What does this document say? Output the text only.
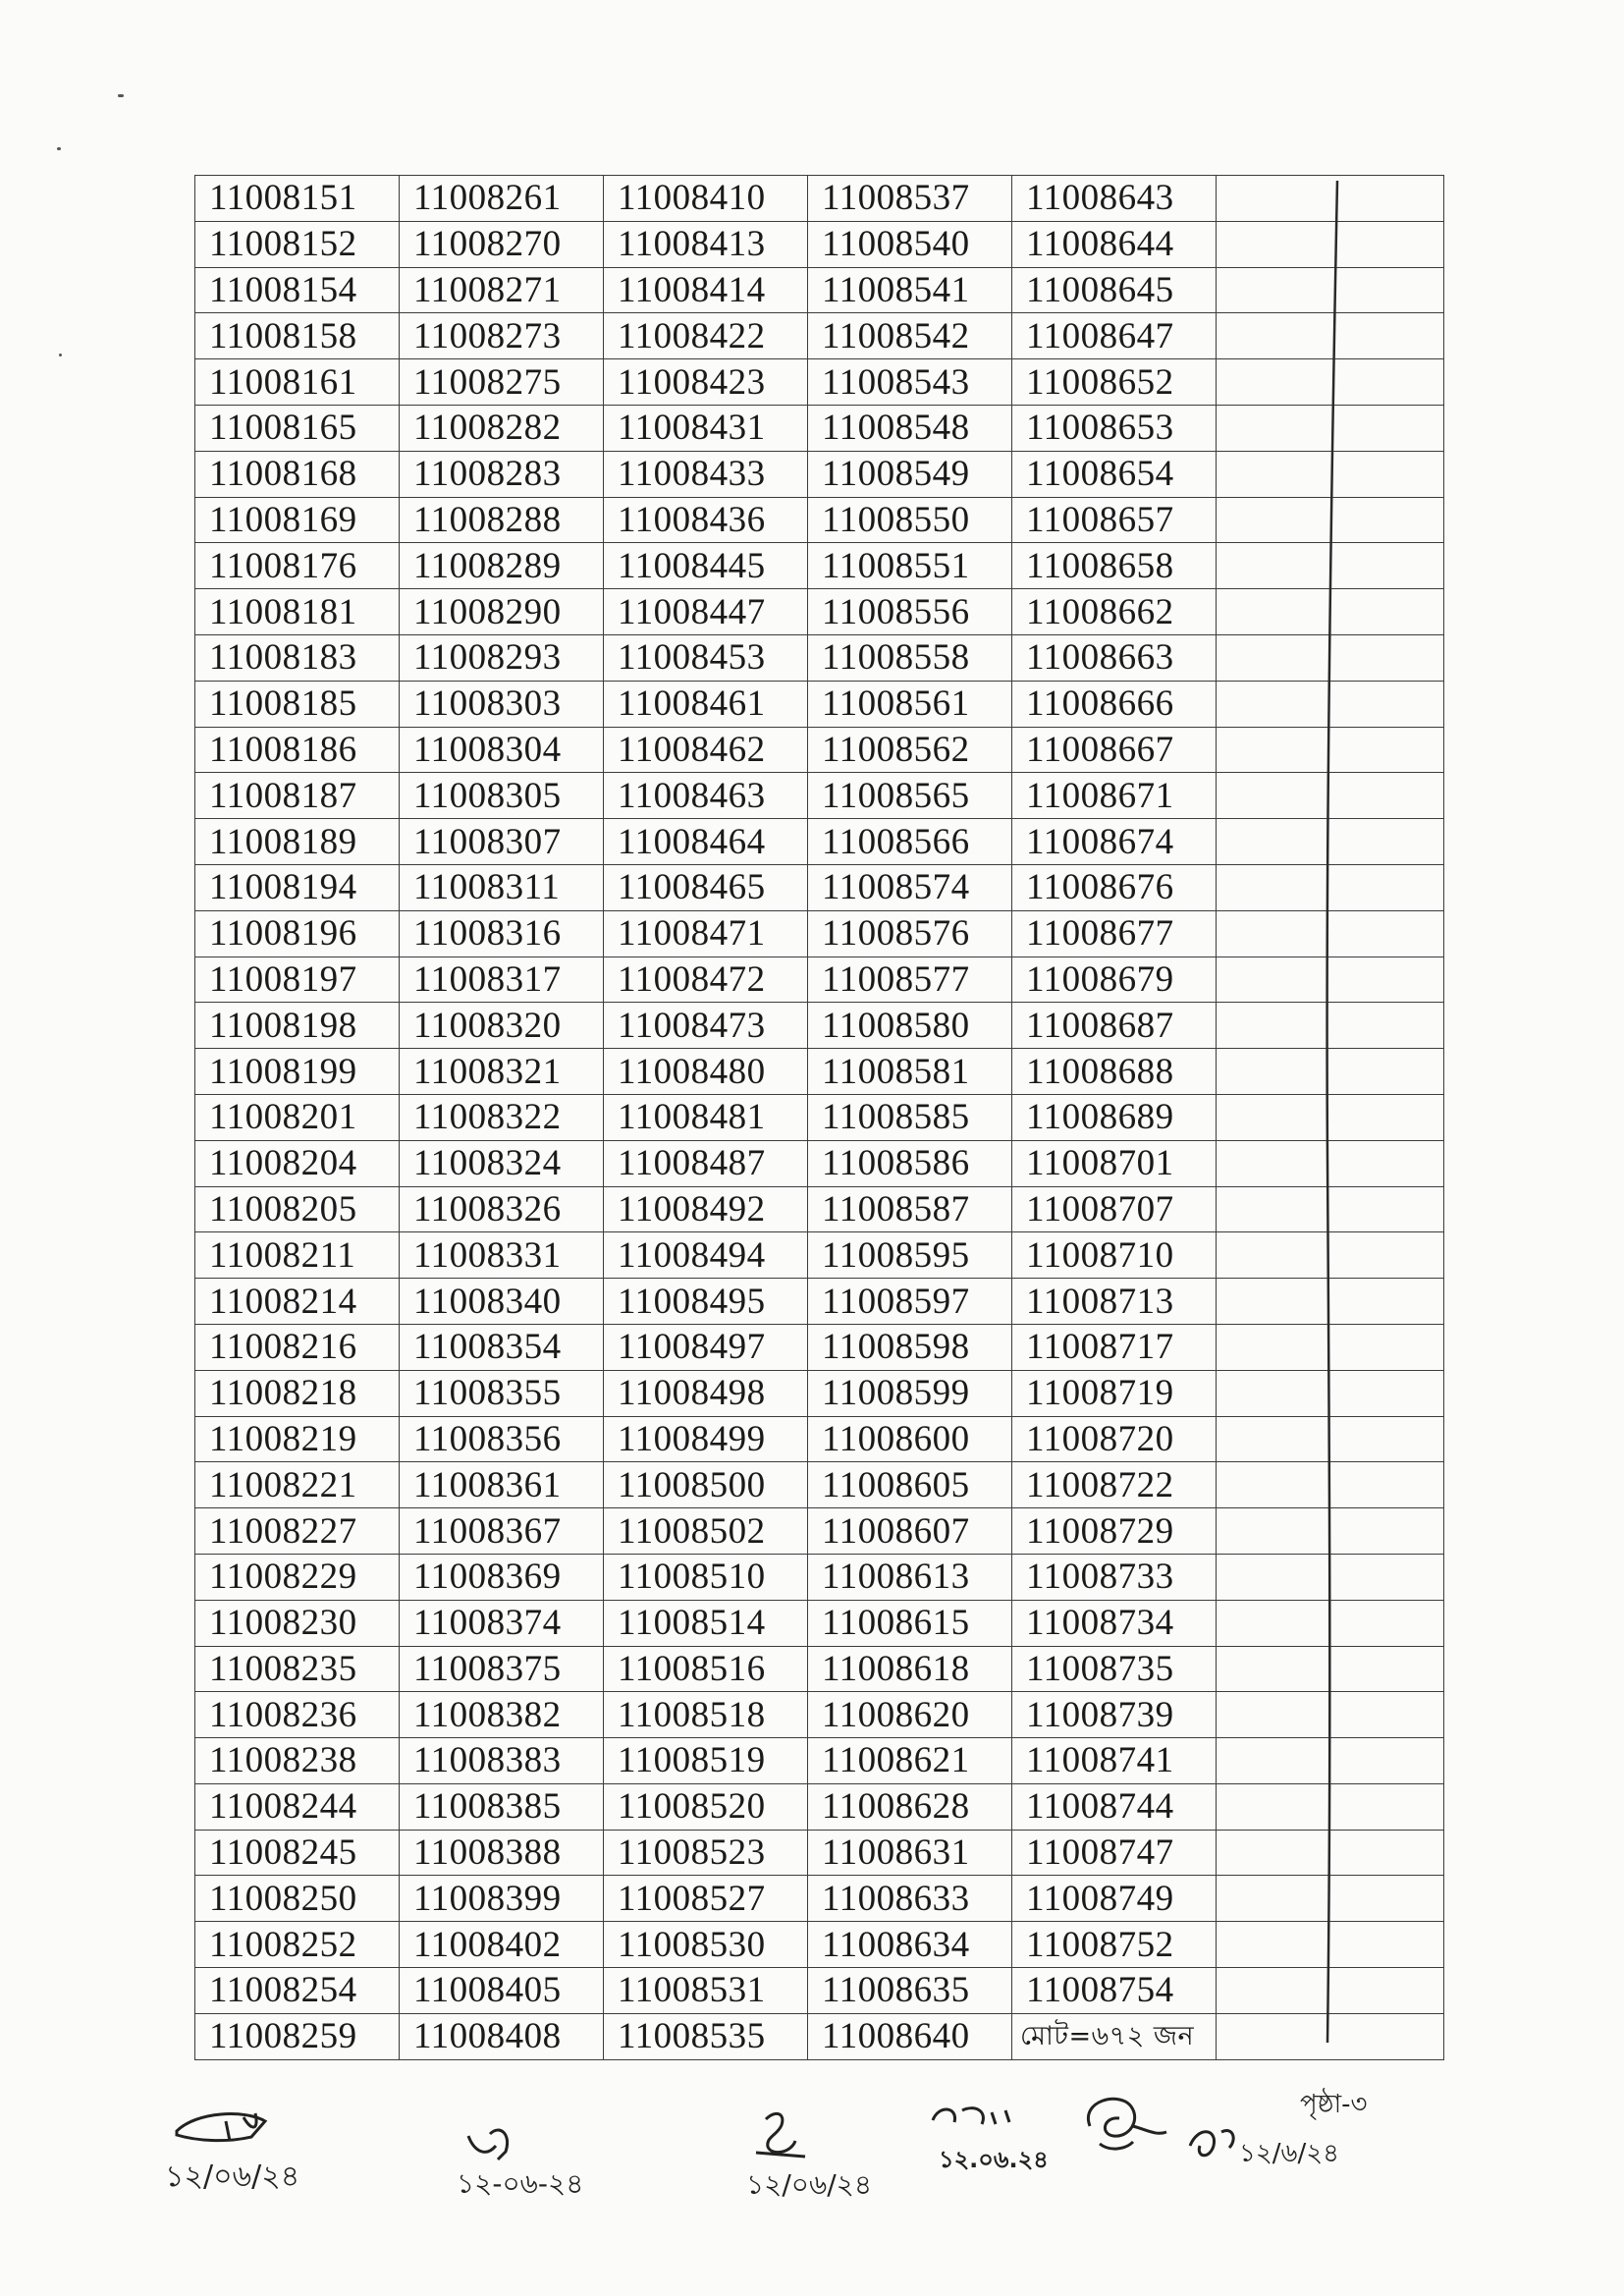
11008151	11008261	11008410	11008537	11008643	
11008152	11008270	11008413	11008540	11008644	
11008154	11008271	11008414	11008541	11008645	
11008158	11008273	11008422	11008542	11008647	
11008161	11008275	11008423	11008543	11008652	
11008165	11008282	11008431	11008548	11008653	
11008168	11008283	11008433	11008549	11008654	
11008169	11008288	11008436	11008550	11008657	
11008176	11008289	11008445	11008551	11008658	
11008181	11008290	11008447	11008556	11008662	
11008183	11008293	11008453	11008558	11008663	
11008185	11008303	11008461	11008561	11008666	
11008186	11008304	11008462	11008562	11008667	
11008187	11008305	11008463	11008565	11008671	
11008189	11008307	11008464	11008566	11008674	
11008194	11008311	11008465	11008574	11008676	
11008196	11008316	11008471	11008576	11008677	
11008197	11008317	11008472	11008577	11008679	
11008198	11008320	11008473	11008580	11008687	
11008199	11008321	11008480	11008581	11008688	
11008201	11008322	11008481	11008585	11008689	
11008204	11008324	11008487	11008586	11008701	
11008205	11008326	11008492	11008587	11008707	
11008211	11008331	11008494	11008595	11008710	
11008214	11008340	11008495	11008597	11008713	
11008216	11008354	11008497	11008598	11008717	
11008218	11008355	11008498	11008599	11008719	
11008219	11008356	11008499	11008600	11008720	
11008221	11008361	11008500	11008605	11008722	
11008227	11008367	11008502	11008607	11008729	
11008229	11008369	11008510	11008613	11008733	
11008230	11008374	11008514	11008615	11008734	
11008235	11008375	11008516	11008618	11008735	
11008236	11008382	11008518	11008620	11008739	
11008238	11008383	11008519	11008621	11008741	
11008244	11008385	11008520	11008628	11008744	
11008245	11008388	11008523	11008631	11008747	
11008250	11008399	11008527	11008633	11008749	
11008252	11008402	11008530	11008634	11008752	
11008254	11008405	11008531	11008635	11008754	
11008259	11008408	11008535	11008640	মোট=৬৭২ জন	
পৃষ্ঠা-৩
১২/০৬/২৪	১২-০৬-২৪	১২/০৬/২৪
১২.০৬.২৪	১২/৬/২৪
